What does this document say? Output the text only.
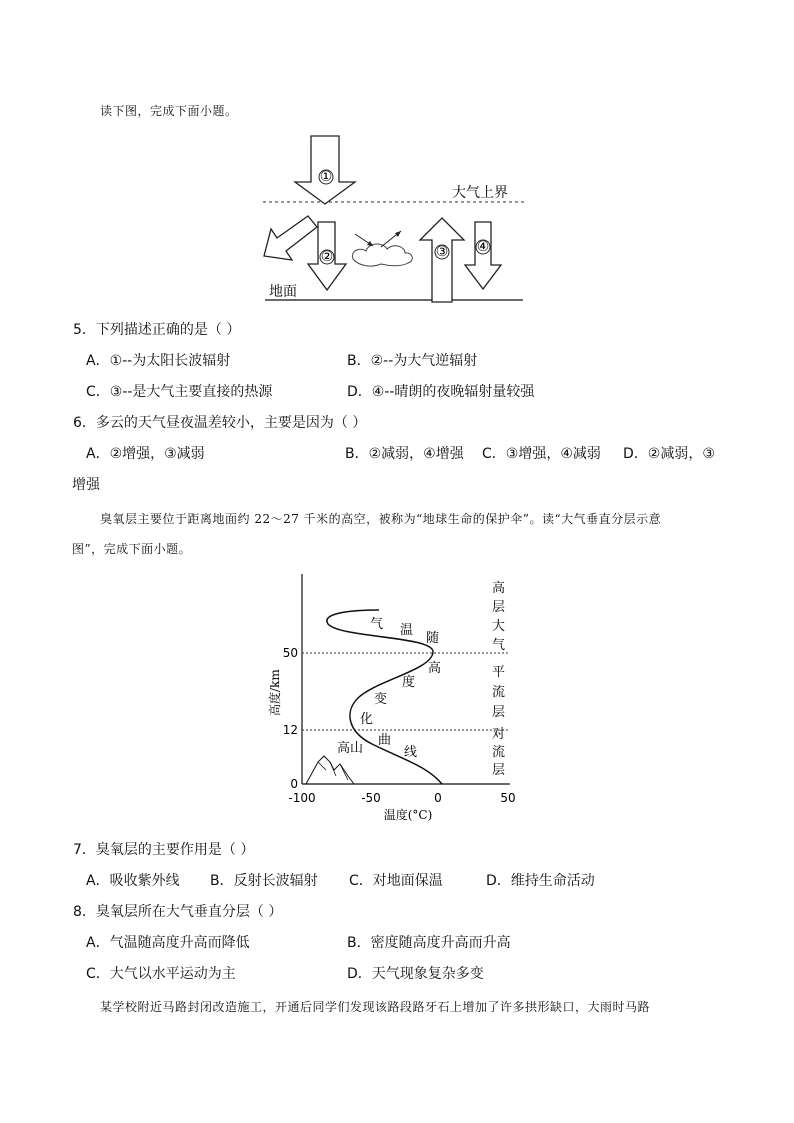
读下图，完成下面小题。
大气上界
地面
①
②	③ ④
5．下列描述正确的是（ ）
A．①--为太阳长波辐射	B．②--为大气逆辐射
C．③--是大气主要直接的热源	D．④--晴朗的夜晚辐射量较强
6．多云的天气昼夜温差较小，主要是因为（ ）
A．②增强，③减弱	B．②减弱，④增强 C．③增强，④减弱 D．②减弱，③
增强
臭氧层主要位于距离地面约 22～27 千米的高空，被称为“地球生命的保护伞”。读“大气垂直分层示意
图”，完成下面小题。
0
12
50
-100	-50	0	50
高度/km
温度(°C)
高山
气 温
随
高
度
变
化
曲
线
高
层
大
气
平
流
层
对
流
层
7．臭氧层的主要作用是（ ）
A．吸收紫外线 B．反射长波辐射 C．对地面保温	D．维持生命活动
8．臭氧层所在大气垂直分层（ ）
A．气温随高度升高而降低	B．密度随高度升高而升高
C．大气以水平运动为主	D．天气现象复杂多变
某学校附近马路封闭改造施工，开通后同学们发现该路段路牙石上增加了许多拱形缺口，大雨时马路
